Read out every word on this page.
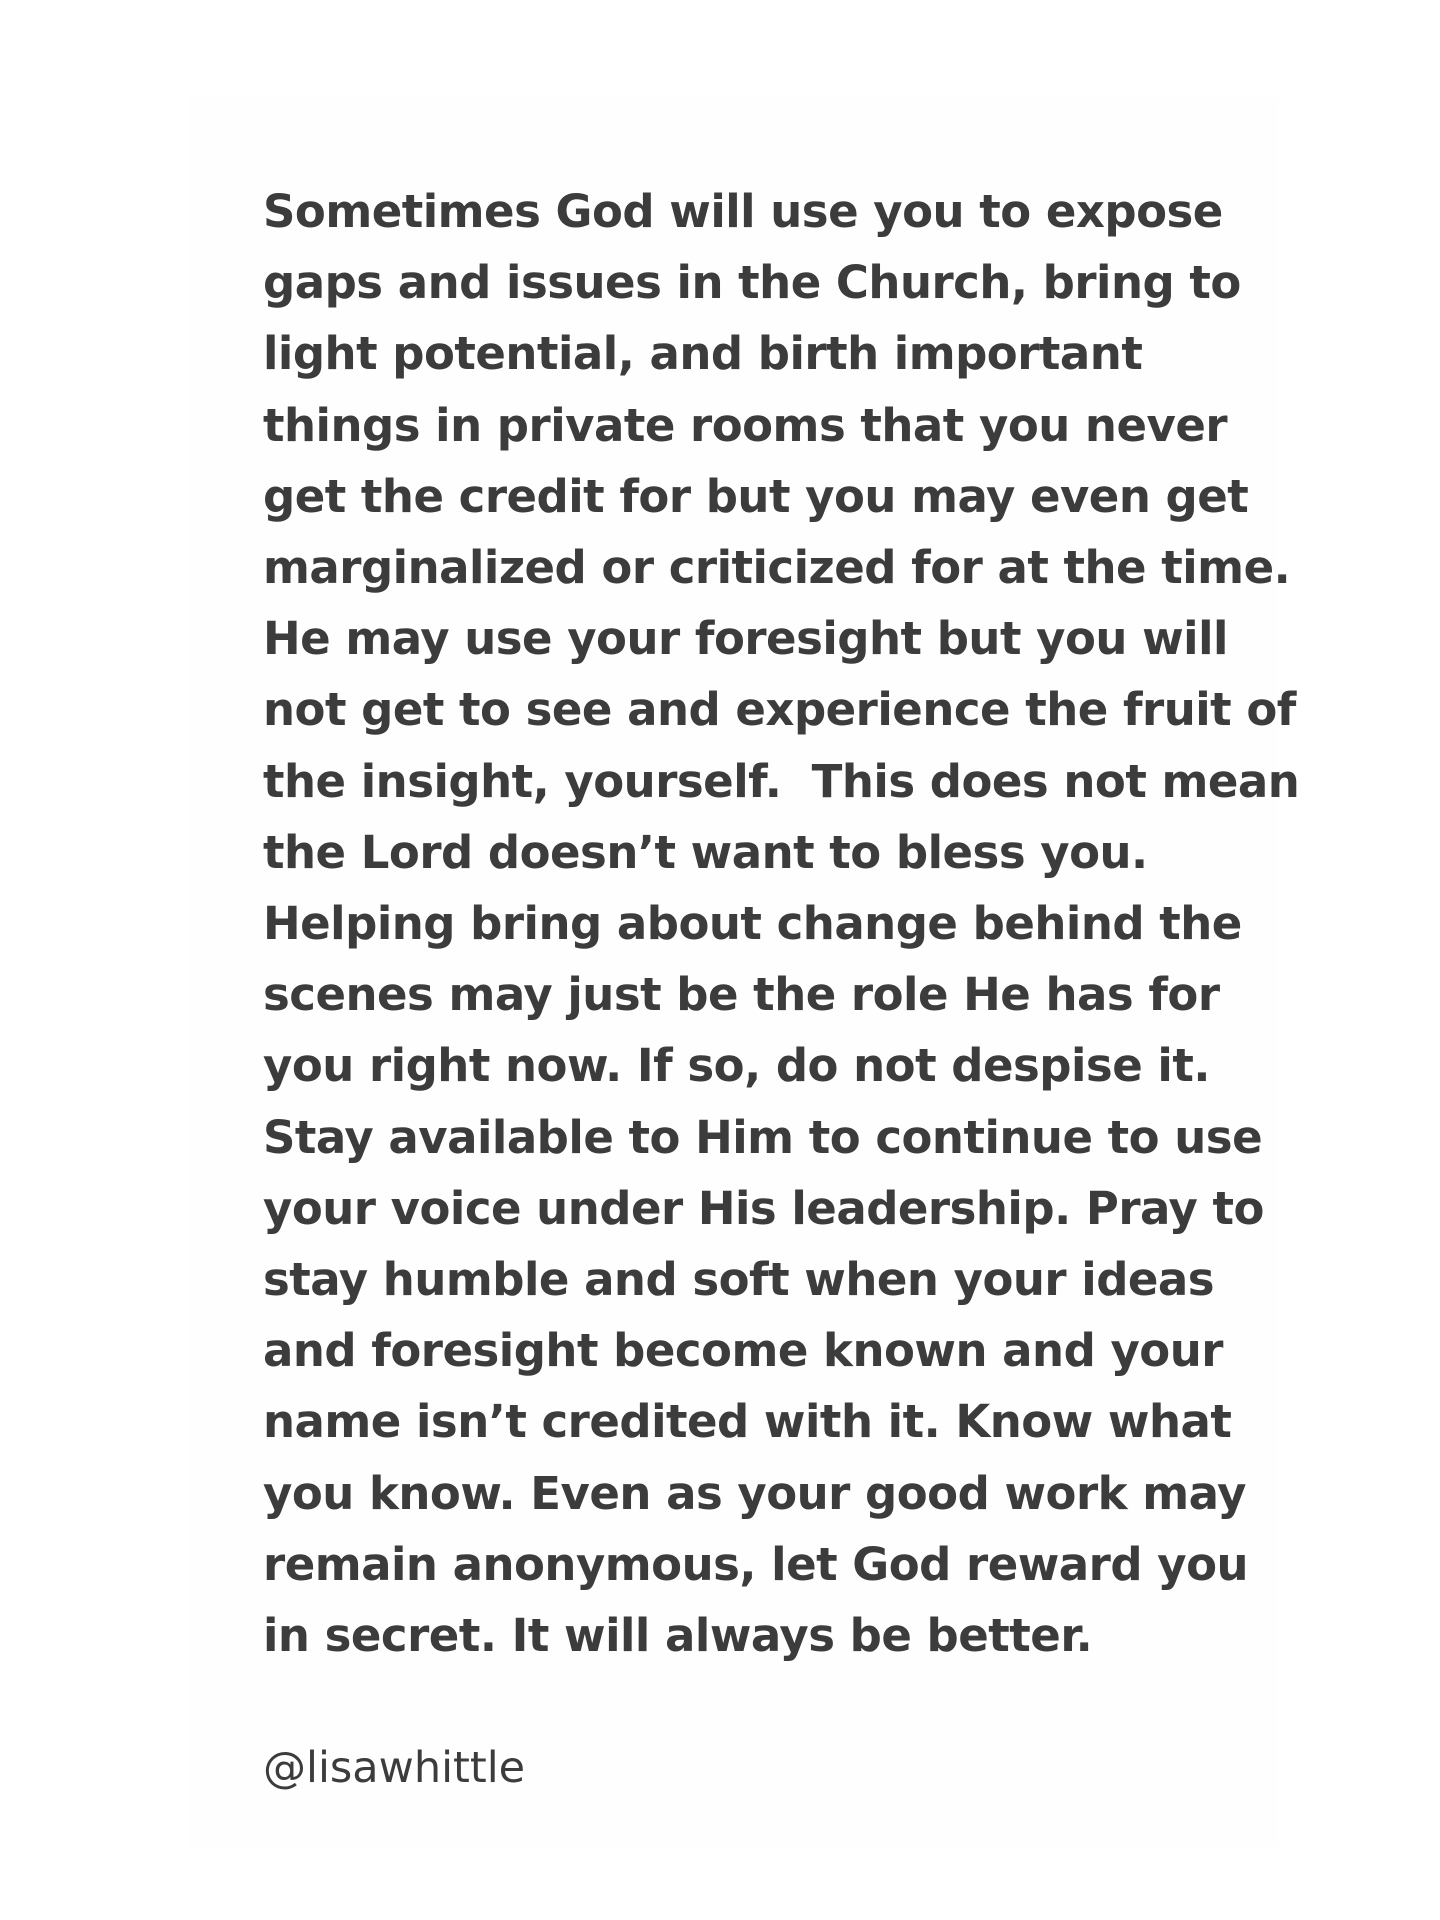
Sometimes God will use you to expose
gaps and issues in the Church, bring to
light potential, and birth important
things in private rooms that you never
get the credit for but you may even get
marginalized or criticized for at the time.
He may use your foresight but you will
not get to see and experience the fruit of
the insight, yourself.  This does not mean
the Lord doesn’t want to bless you.
Helping bring about change behind the
scenes may just be the role He has for
you right now. If so, do not despise it.
Stay available to Him to continue to use
your voice under His leadership. Pray to
stay humble and soft when your ideas
and foresight become known and your
name isn’t credited with it. Know what
you know. Even as your good work may
remain anonymous, let God reward you
in secret. It will always be better.

@lisawhittle
